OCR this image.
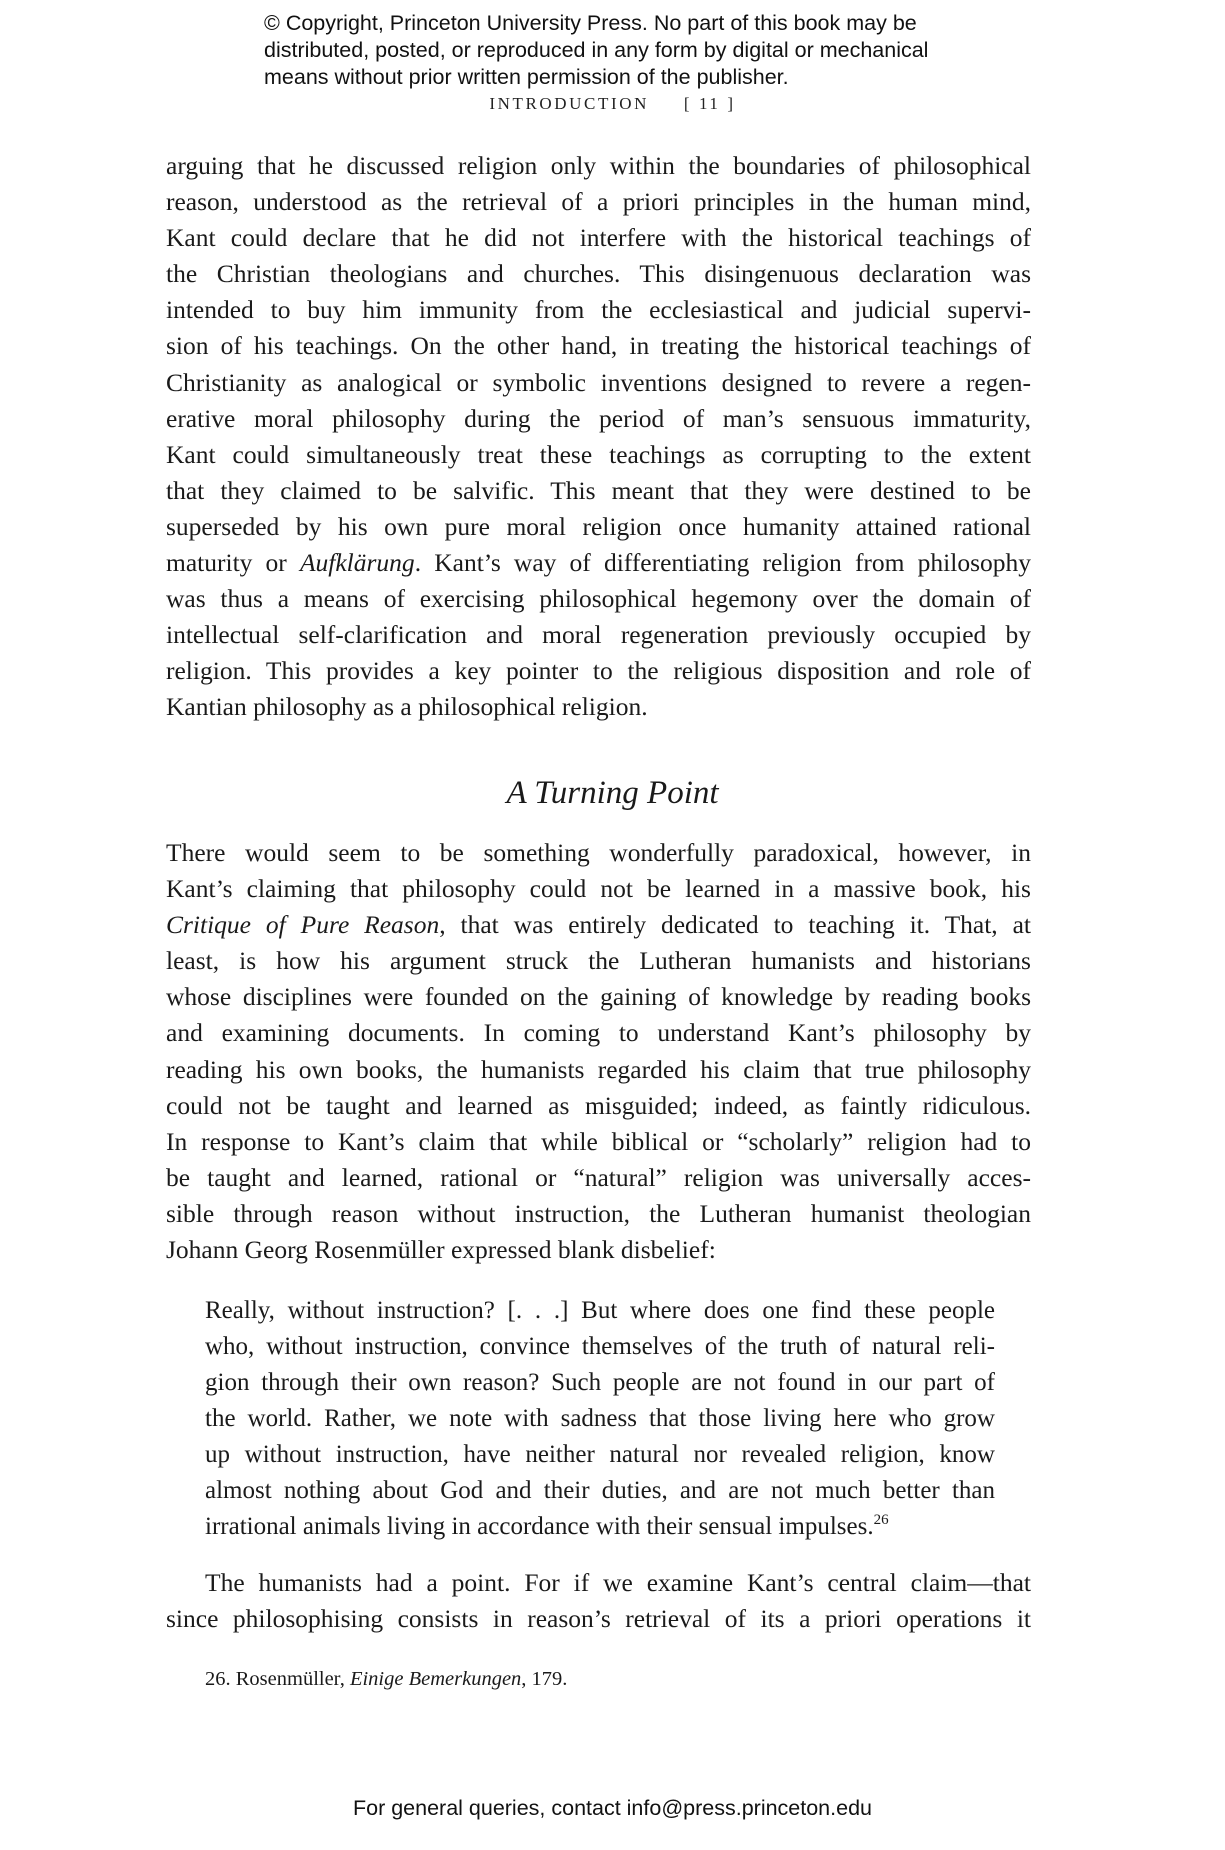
© Copyright, Princeton University Press. No part of this book may be
distributed, posted, or reproduced in any form by digital or mechanical
means without prior written permission of the publisher.
INTRODUCTION [ 11 ]
arguing that he discussed religion only within the boundaries of philosophical
reason, understood as the retrieval of a priori principles in the human mind,
Kant could declare that he did not interfere with the historical teachings of
the Christian theologians and churches. This disingenuous declaration was
intended to buy him immunity from the ecclesiastical and judicial supervi-
sion of his teachings. On the other hand, in treating the historical teachings of
Christianity as analogical or symbolic inventions designed to revere a regen-
erative moral philosophy during the period of man’s sensuous immaturity,
Kant could simultaneously treat these teachings as corrupting to the extent
that they claimed to be salvific. This meant that they were destined to be
superseded by his own pure moral religion once humanity attained rational
maturity or Aufklärung. Kant’s way of differentiating religion from philosophy
was thus a means of exercising philosophical hegemony over the domain of
intellectual self-clarification and moral regeneration previously occupied by
religion. This provides a key pointer to the religious disposition and role of
Kantian philosophy as a philosophical religion.
A Turning Point
There would seem to be something wonderfully paradoxical, however, in
Kant’s claiming that philosophy could not be learned in a massive book, his
Critique of Pure Reason, that was entirely dedicated to teaching it. That, at
least, is how his argument struck the Lutheran humanists and historians
whose disciplines were founded on the gaining of knowledge by reading books
and examining documents. In coming to understand Kant’s philosophy by
reading his own books, the humanists regarded his claim that true philosophy
could not be taught and learned as misguided; indeed, as faintly ridiculous.
In response to Kant’s claim that while biblical or “scholarly” religion had to
be taught and learned, rational or “natural” religion was universally acces-
sible through reason without instruction, the Lutheran humanist theologian
Johann Georg Rosenmüller expressed blank disbelief:
Really, without instruction? [. . .] But where does one find these people
who, without instruction, convince themselves of the truth of natural reli-
gion through their own reason? Such people are not found in our part of
the world. Rather, we note with sadness that those living here who grow
up without instruction, have neither natural nor revealed religion, know
almost nothing about God and their duties, and are not much better than
irrational animals living in accordance with their sensual impulses.$^{26}$
The humanists had a point. For if we examine Kant’s central claim—that
since philosophising consists in reason’s retrieval of its a priori operations it
26. Rosenmüller, Einige Bemerkungen, 179.
For general queries, contact info@press.princeton.edu
